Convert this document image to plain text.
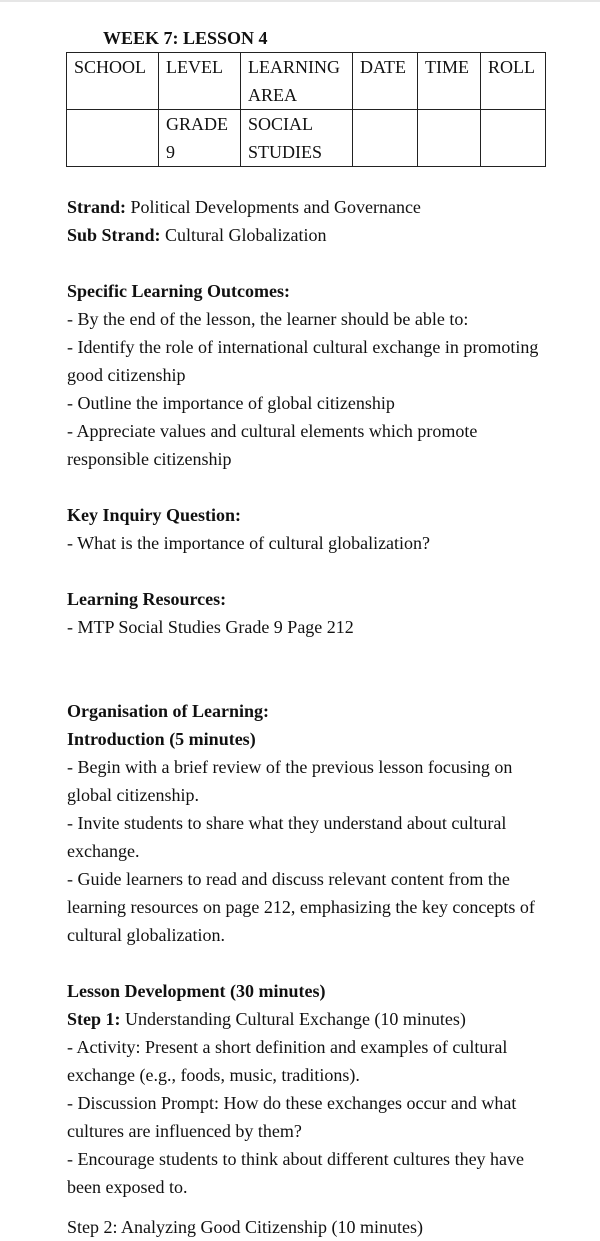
WEEK 7: LESSON 4

SCHOOL	LEVEL	LEARNING AREA	DATE	TIME	ROLL
	GRADE 9	SOCIAL STUDIES			

Strand: Political Developments and Governance

Sub Strand: Cultural Globalization

Specific Learning Outcomes:

- By the end of the lesson, the learner should be able to:

- Identify the role of international cultural exchange in promoting good citizenship

- Outline the importance of global citizenship

- Appreciate values and cultural elements which promote responsible citizenship

Key Inquiry Question:

- What is the importance of cultural globalization?

Learning Resources:

- MTP Social Studies Grade 9 Page 212

Organisation of Learning:

Introduction (5 minutes)

- Begin with a brief review of the previous lesson focusing on global citizenship.

- Invite students to share what they understand about cultural exchange.

- Guide learners to read and discuss relevant content from the learning resources on page 212, emphasizing the key concepts of cultural globalization.

Lesson Development (30 minutes)

Step 1: Understanding Cultural Exchange (10 minutes)

- Activity: Present a short definition and examples of cultural exchange (e.g., foods, music, traditions).

- Discussion Prompt: How do these exchanges occur and what cultures are influenced by them?

- Encourage students to think about different cultures they have been exposed to.

Step 2: Analyzing Good Citizenship (10 minutes)
